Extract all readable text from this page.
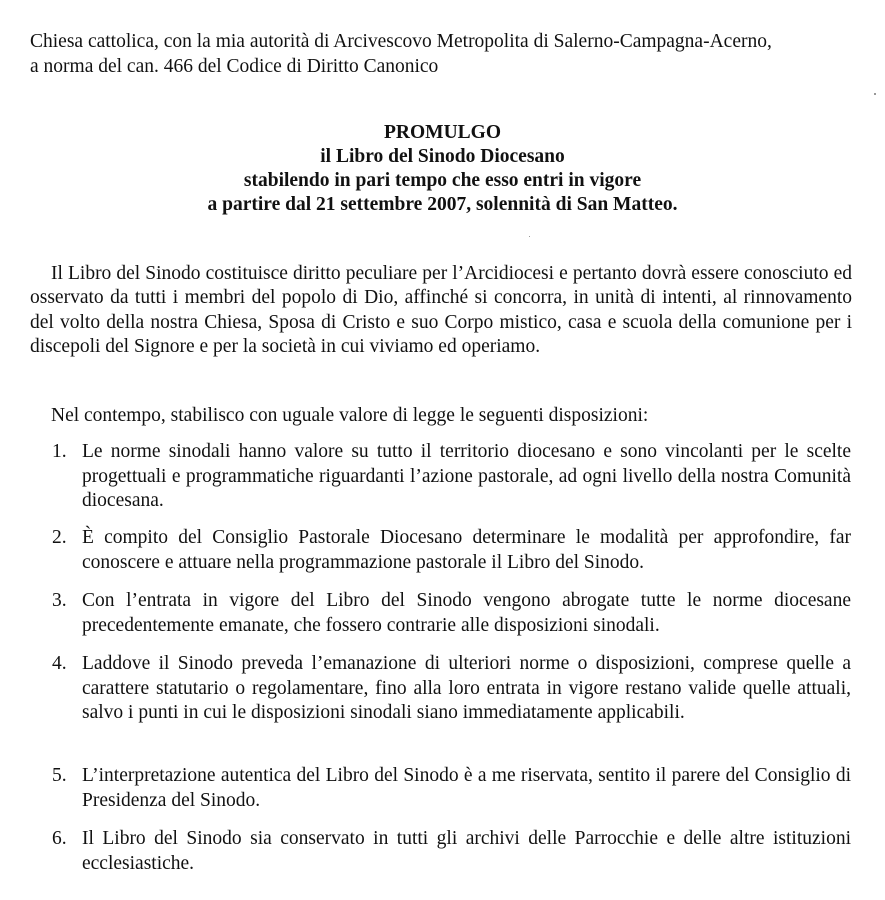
Chiesa cattolica, con la mia autorità di Arcivescovo Metropolita di Salerno-Campagna-Acerno,

a norma del can. 466 del Codice di Diritto Canonico

PROMULGO
il Libro del Sinodo Diocesano
stabilendo in pari tempo che esso entri in vigore
a partire dal 21 settembre 2007, solennità di San Matteo.

Il Libro del Sinodo costituisce diritto peculiare per l’Arcidiocesi e pertanto dovrà essere conosciuto ed osservato da tutti i membri del popolo di Dio, affinché si concorra, in unità di intenti, al rinnovamento del volto della nostra Chiesa, Sposa di Cristo e suo Corpo mistico, casa e scuola della comunione per i discepoli del Signore e per la società in cui viviamo ed operiamo.

Nel contempo, stabilisco con uguale valore di legge le seguenti disposizioni:

1. Le norme sinodali hanno valore su tutto il territorio diocesano e sono vincolanti per le scelte progettuali e programmatiche riguardanti l’azione pastorale, ad ogni livello della nostra Comunità diocesana.
2. È compito del Consiglio Pastorale Diocesano determinare le modalità per approfondire, far conoscere e attuare nella programmazione pastorale il Libro del Sinodo.
3. Con l’entrata in vigore del Libro del Sinodo vengono abrogate tutte le norme diocesane precedentemente emanate, che fossero contrarie alle disposizioni sinodali.
4. Laddove il Sinodo preveda l’emanazione di ulteriori norme o disposizioni, comprese quelle a carattere statutario o regolamentare, fino alla loro entrata in vigore restano valide quelle attuali, salvo i punti in cui le disposizioni sinodali siano immediatamente applicabili.
5. L’interpretazione autentica del Libro del Sinodo è a me riservata, sentito il parere del Consiglio di Presidenza del Sinodo.
6. Il Libro del Sinodo sia conservato in tutti gli archivi delle Parrocchie e delle altre istituzioni ecclesiastiche.
